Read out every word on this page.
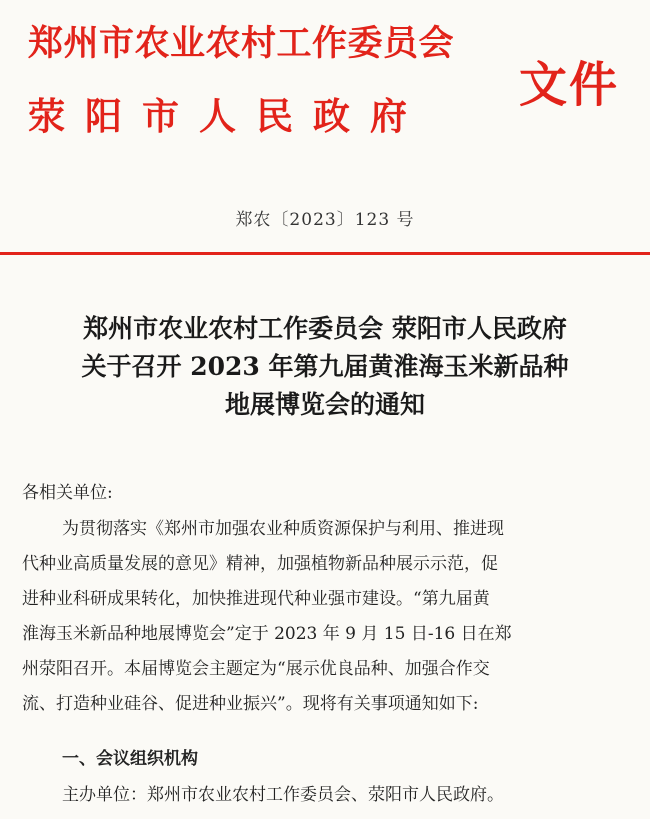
郑州市农业农村工作委员会
荥阳市人民政府
文件
郑农〔2023〕123 号
郑州市农业农村工作委员会 荥阳市人民政府
关于召开 2023 年第九届黄淮海玉米新品种
地展博览会的通知
各相关单位:
为贯彻落实《郑州市加强农业种质资源保护与利用、推进现
代种业高质量发展的意见》精神，加强植物新品种展示示范，促
进种业科研成果转化，加快推进现代种业强市建设。“第九届黄
淮海玉米新品种地展博览会”定于 2023 年 9 月 15 日-16 日在郑
州荥阳召开。本届博览会主题定为“展示优良品种、加强合作交
流、打造种业硅谷、促进种业振兴”。现将有关事项通知如下:
一、会议组织机构
主办单位：郑州市农业农村工作委员会、荥阳市人民政府。
